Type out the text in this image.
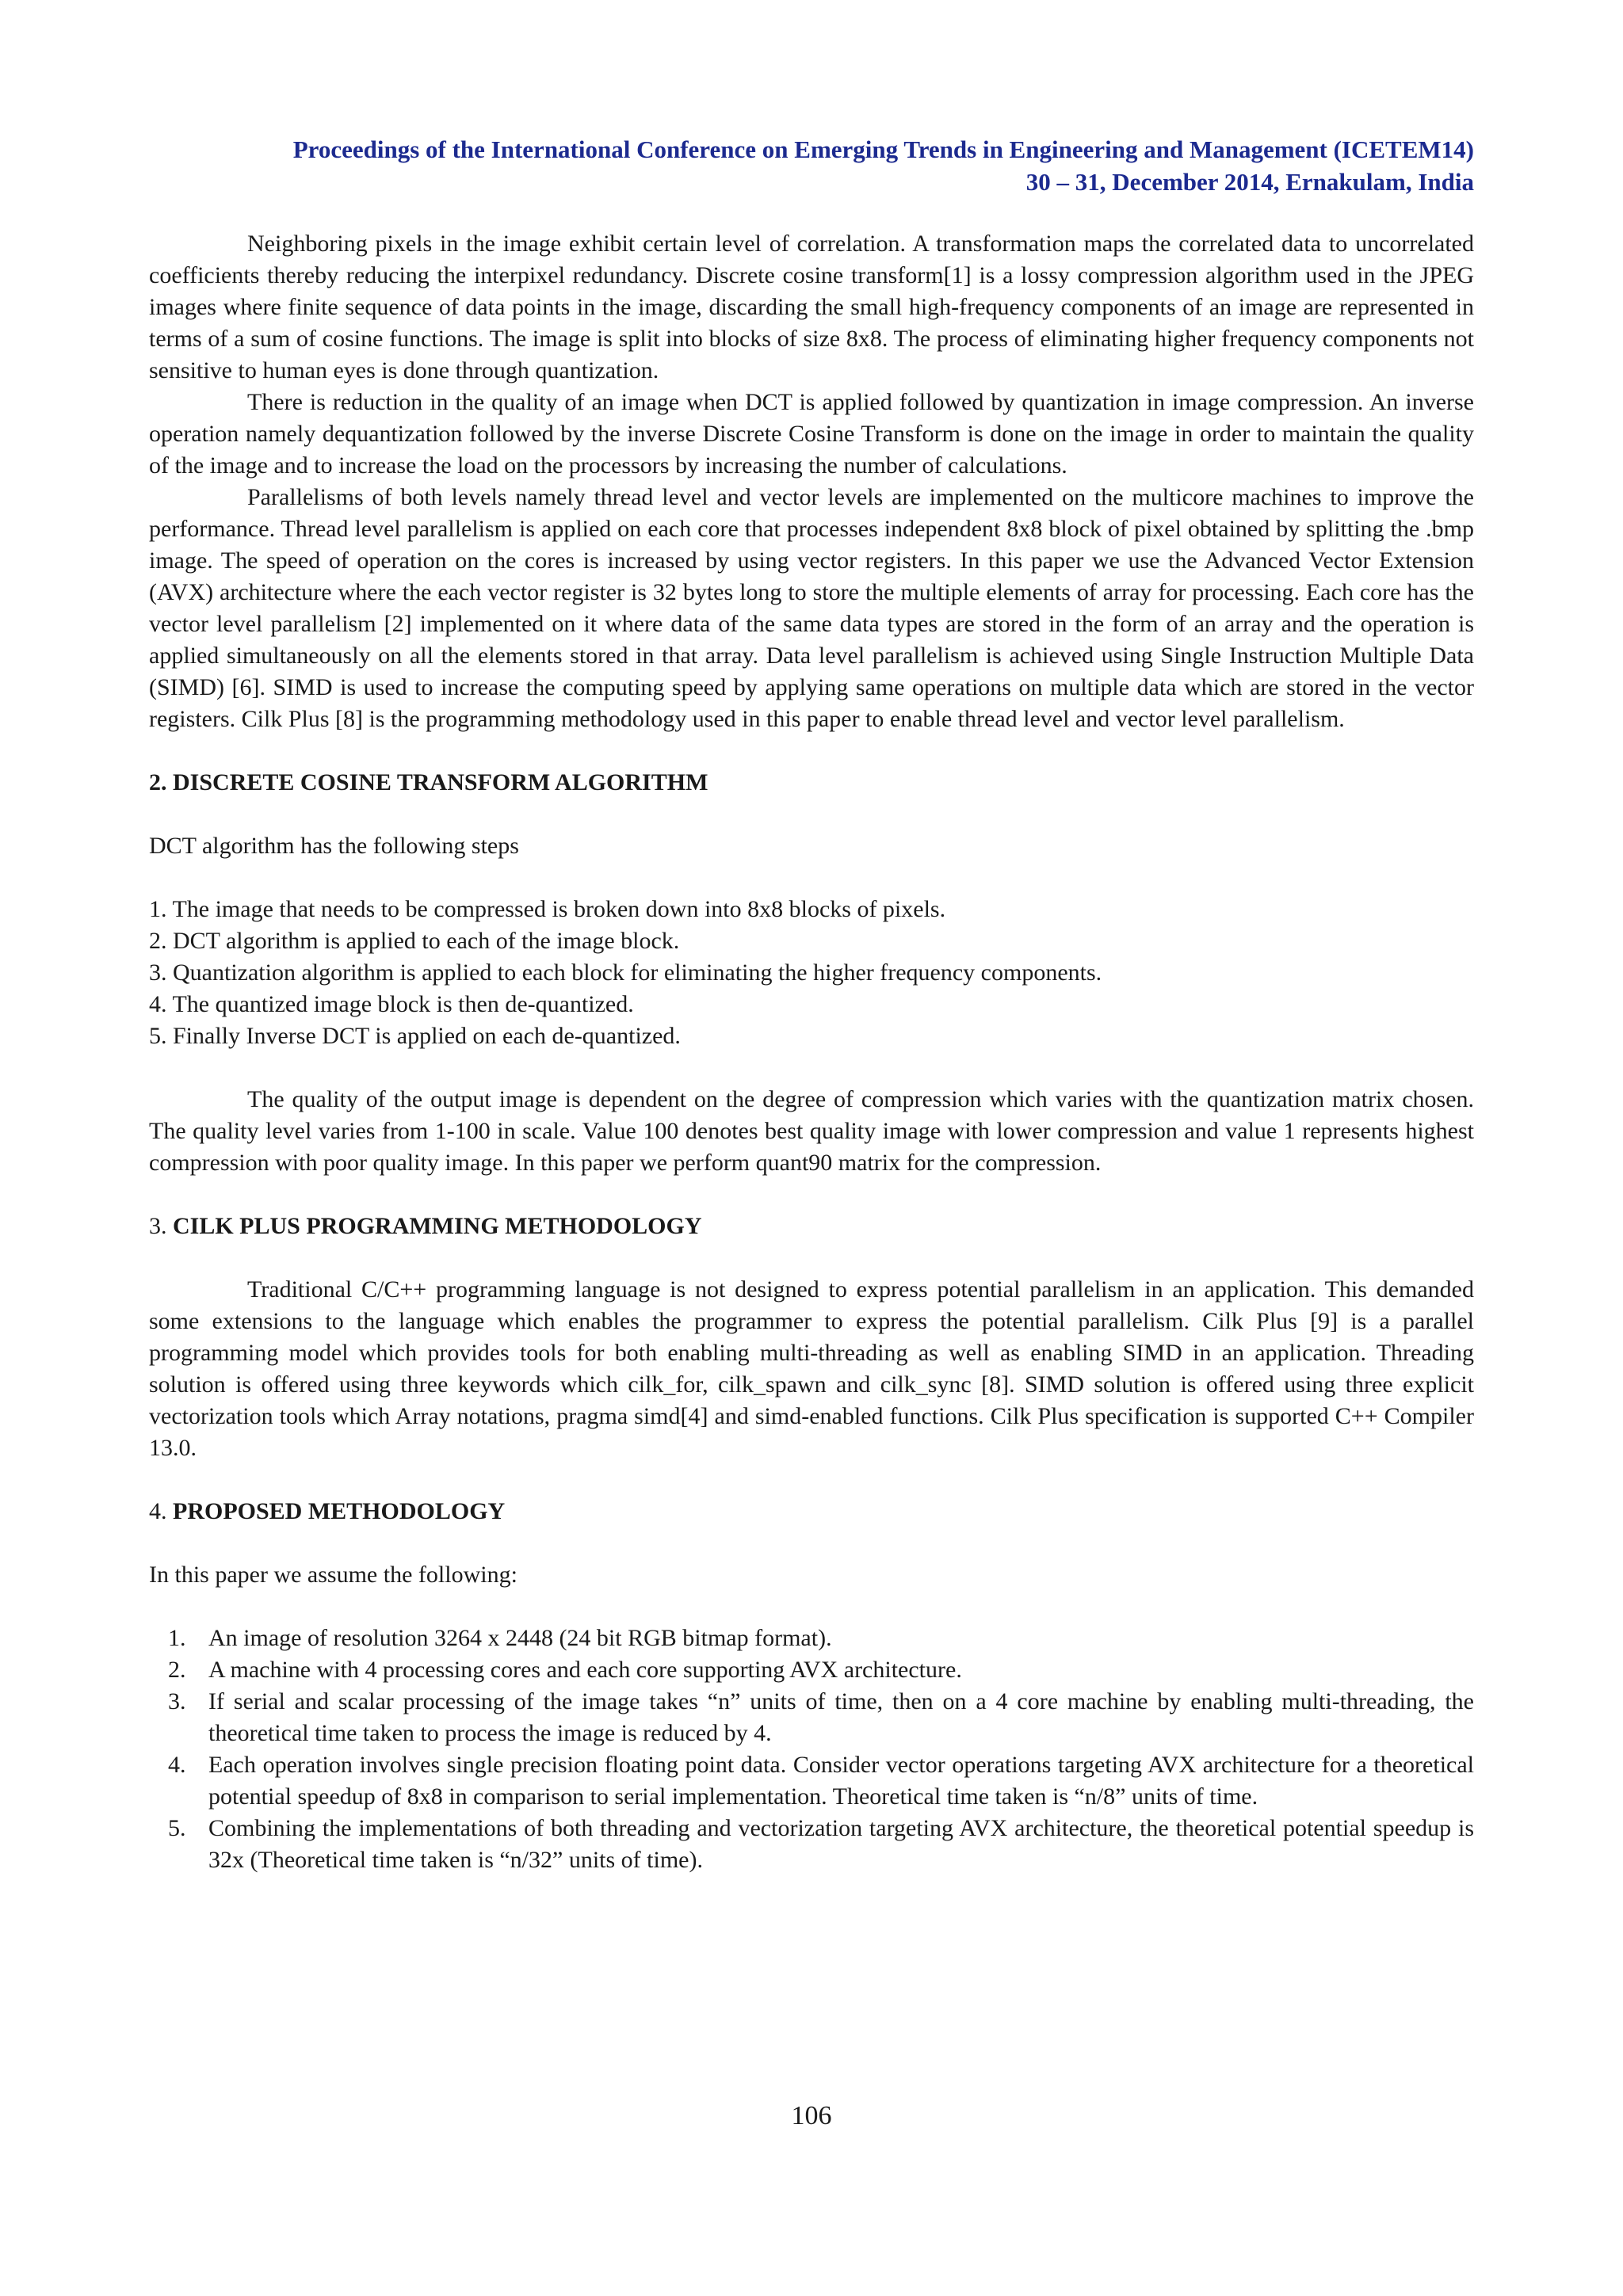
Proceedings of the International Conference on Emerging Trends in Engineering and Management (ICETEM14)
30 – 31, December 2014, Ernakulam, India

Neighboring pixels in the image exhibit certain level of correlation. A transformation maps the correlated data to uncorrelated coefficients thereby reducing the interpixel redundancy. Discrete cosine transform[1] is a lossy compression algorithm used in the JPEG images where finite sequence of data points in the image, discarding the small high-frequency components of an image are represented in terms of a sum of cosine functions. The image is split into blocks of size 8x8. The process of eliminating higher frequency components not sensitive to human eyes is done through quantization.

There is reduction in the quality of an image when DCT is applied followed by quantization in image compression. An inverse operation namely dequantization followed by the inverse Discrete Cosine Transform is done on the image in order to maintain the quality of the image and to increase the load on the processors by increasing the number of calculations.

Parallelisms of both levels namely thread level and vector levels are implemented on the multicore machines to improve the performance. Thread level parallelism is applied on each core that processes independent 8x8 block of pixel obtained by splitting the .bmp image. The speed of operation on the cores is increased by using vector registers. In this paper we use the Advanced Vector Extension (AVX) architecture where the each vector register is 32 bytes long to store the multiple elements of array for processing. Each core has the vector level parallelism [2] implemented on it where data of the same data types are stored in the form of an array and the operation is applied simultaneously on all the elements stored in that array. Data level parallelism is achieved using Single Instruction Multiple Data (SIMD) [6]. SIMD is used to increase the computing speed by applying same operations on multiple data which are stored in the vector registers. Cilk Plus [8] is the programming methodology used in this paper to enable thread level and vector level parallelism.

2. DISCRETE COSINE TRANSFORM ALGORITHM

DCT algorithm has the following steps

1. The image that needs to be compressed is broken down into 8x8 blocks of pixels.
2. DCT algorithm is applied to each of the image block.
3. Quantization algorithm is applied to each block for eliminating the higher frequency components.
4. The quantized image block is then de-quantized.
5. Finally Inverse DCT is applied on each de-quantized.

The quality of the output image is dependent on the degree of compression which varies with the quantization matrix chosen. The quality level varies from 1-100 in scale. Value 100 denotes best quality image with lower compression and value 1 represents highest compression with poor quality image. In this paper we perform quant90 matrix for the compression.

3. CILK PLUS PROGRAMMING METHODOLOGY

Traditional C/C++ programming language is not designed to express potential parallelism in an application. This demanded some extensions to the language which enables the programmer to express the potential parallelism. Cilk Plus [9] is a parallel programming model which provides tools for both enabling multi-threading as well as enabling SIMD in an application. Threading solution is offered using three keywords which cilk_for, cilk_spawn and cilk_sync [8]. SIMD solution is offered using three explicit vectorization tools which Array notations, pragma simd[4] and simd-enabled functions. Cilk Plus specification is supported C++ Compiler 13.0.

4. PROPOSED METHODOLOGY

In this paper we assume the following:

1. An image of resolution 3264 x 2448 (24 bit RGB bitmap format).
2. A machine with 4 processing cores and each core supporting AVX architecture.
3. If serial and scalar processing of the image takes “n” units of time, then on a 4 core machine by enabling multi-threading, the theoretical time taken to process the image is reduced by 4.
4. Each operation involves single precision floating point data. Consider vector operations targeting AVX architecture for a theoretical potential speedup of 8x8 in comparison to serial implementation. Theoretical time taken is “n/8” units of time.
5. Combining the implementations of both threading and vectorization targeting AVX architecture, the theoretical potential speedup is 32x (Theoretical time taken is “n/32” units of time).
106
